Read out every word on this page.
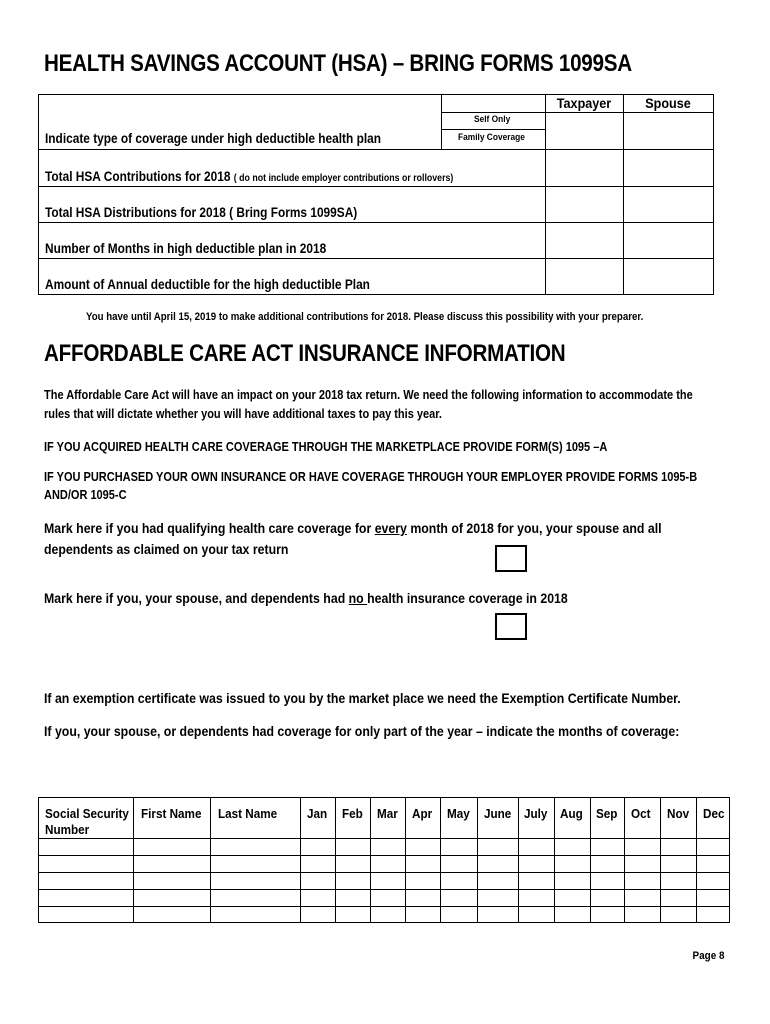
HEALTH SAVINGS ACCOUNT (HSA) – BRING FORMS 1099SA
Taxpayer	Spouse
Self Only
Family Coverage
Indicate type of coverage under high deductible health plan
Total HSA Contributions for 2018 ( do not include employer contributions or rollovers)
Total HSA Distributions for 2018 ( Bring Forms 1099SA)
Number of Months in high deductible plan in 2018
Amount of Annual deductible for the high deductible Plan
You have until April 15, 2019 to make additional contributions for 2018. Please discuss this possibility with your preparer.
AFFORDABLE CARE ACT INSURANCE INFORMATION
The Affordable Care Act will have an impact on your 2018 tax return. We need the following information to accommodate the
rules that will dictate whether you will have additional taxes to pay this year.
IF YOU ACQUIRED HEALTH CARE COVERAGE THROUGH THE MARKETPLACE PROVIDE FORM(S) 1095 –A
IF YOU PURCHASED YOUR OWN INSURANCE OR HAVE COVERAGE THROUGH YOUR EMPLOYER PROVIDE FORMS 1095-B
AND/OR 1095-C
Mark here if you had qualifying health care coverage for every month of 2018 for you, your spouse and all
dependents as claimed on your tax return
Mark here if you, your spouse, and dependents had no health insurance coverage in 2018
If an exemption certificate was issued to you by the market place we need the Exemption Certificate Number.
If you, your spouse, or dependents had coverage for only part of the year – indicate the months of coverage:
Social Security
Number
First Name Last Name Jan Feb Mar Apr May June July Aug Sep Oct Nov Dec
Page 8
